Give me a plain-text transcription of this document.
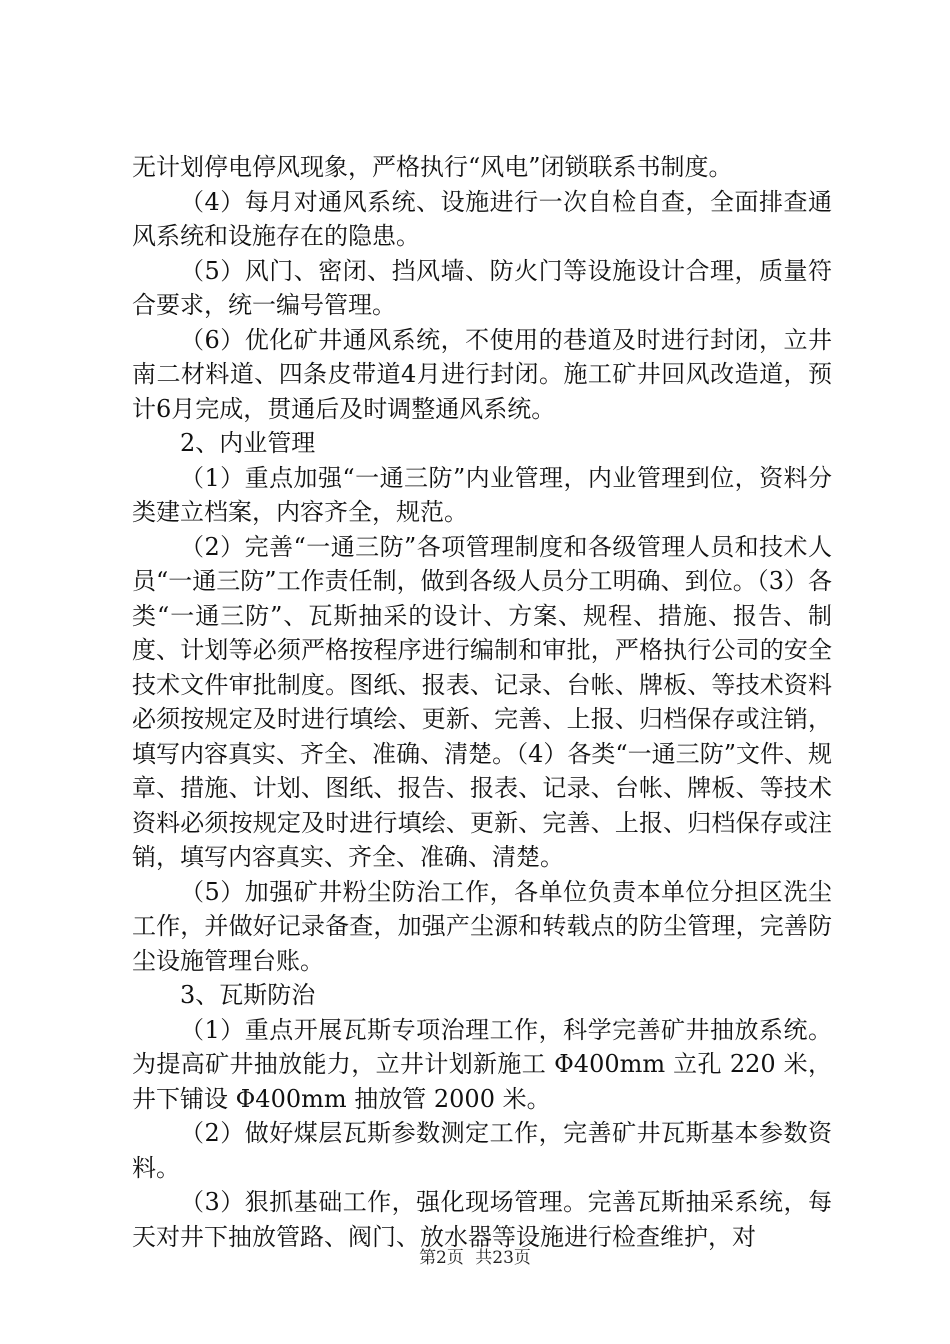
无计划停电停风现象，严格执行“风电”闭锁联系书制度。

（4）每月对通风系统、设施进行一次自检自查，全面排查通风系统和设施存在的隐患。

（5）风门、密闭、挡风墙、防火门等设施设计合理，质量符合要求，统一编号管理。

（6）优化矿井通风系统，不使用的巷道及时进行封闭，立井南二材料道、四条皮带道4月进行封闭。施工矿井回风改造道，预计6月完成，贯通后及时调整通风系统。

2、内业管理

（1）重点加强“一通三防”内业管理，内业管理到位，资料分类建立档案，内容齐全，规范。

（2）完善“一通三防”各项管理制度和各级管理人员和技术人员“一通三防”工作责任制，做到各级人员分工明确、到位。（3）各类“一通三防”、瓦斯抽采的设计、方案、规程、措施、报告、制度、计划等必须严格按程序进行编制和审批，严格执行公司的安全技术文件审批制度。图纸、报表、记录、台帐、牌板、等技术资料必须按规定及时进行填绘、更新、完善、上报、归档保存或注销，填写内容真实、齐全、准确、清楚。（4）各类“一通三防”文件、规章、措施、计划、图纸、报告、报表、记录、台帐、牌板、等技术资料必须按规定及时进行填绘、更新、完善、上报、归档保存或注销，填写内容真实、齐全、准确、清楚。

（5）加强矿井粉尘防治工作，各单位负责本单位分担区洗尘工作，并做好记录备查，加强产尘源和转载点的防尘管理，完善防尘设施管理台账。

3、瓦斯防治

（1）重点开展瓦斯专项治理工作，科学完善矿井抽放系统。为提高矿井抽放能力，立井计划新施工 Φ400mm 立孔 220 米，井下铺设 Φ400mm 抽放管 2000 米。

（2）做好煤层瓦斯参数测定工作，完善矿井瓦斯基本参数资料。

（3）狠抓基础工作，强化现场管理。完善瓦斯抽采系统，每天对井下抽放管路、阀门、放水器等设施进行检查维护，对

第2页 共23页
